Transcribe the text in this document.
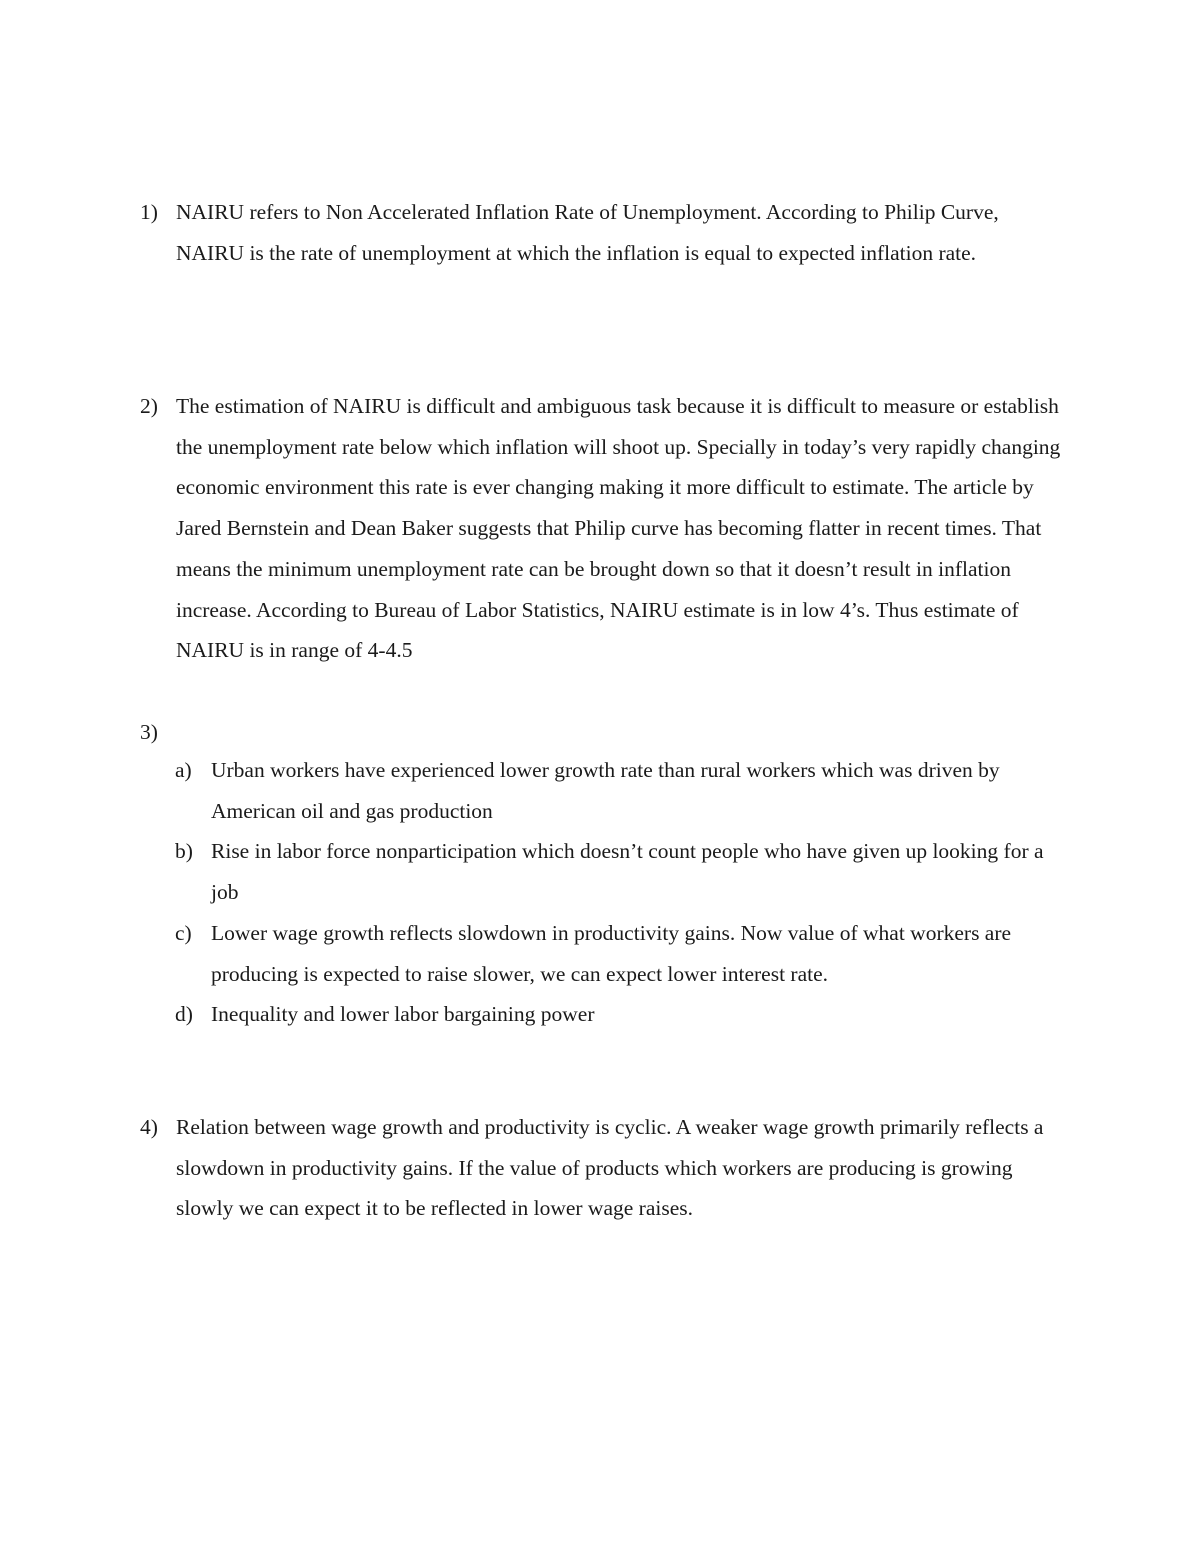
1) NAIRU refers to Non Accelerated Inflation Rate of Unemployment. According to Philip Curve, NAIRU is the rate of unemployment at which the inflation is equal to expected inflation rate.
2) The estimation of NAIRU is difficult and ambiguous task because it is difficult to measure or establish the unemployment rate below which inflation will shoot up. Specially in today’s very rapidly changing economic environment this rate is ever changing making it more difficult to estimate. The article by Jared Bernstein and Dean Baker suggests that Philip curve has becoming flatter in recent times. That means the minimum unemployment rate can be brought down so that it doesn’t result in inflation increase. According to Bureau of Labor Statistics, NAIRU estimate is in low 4’s. Thus estimate of NAIRU is in range of 4-4.5
3)
a) Urban workers have experienced lower growth rate than rural workers which was driven by American oil and gas production
b) Rise in labor force nonparticipation which doesn’t count people who have given up looking for a job
c) Lower wage growth reflects slowdown in productivity gains. Now value of what workers are producing is expected to raise slower, we can expect lower interest rate.
d) Inequality and lower labor bargaining power
4) Relation between wage growth and productivity is cyclic. A weaker wage growth primarily reflects a slowdown in productivity gains. If the value of products which workers are producing is growing slowly we can expect it to be reflected in lower wage raises.
